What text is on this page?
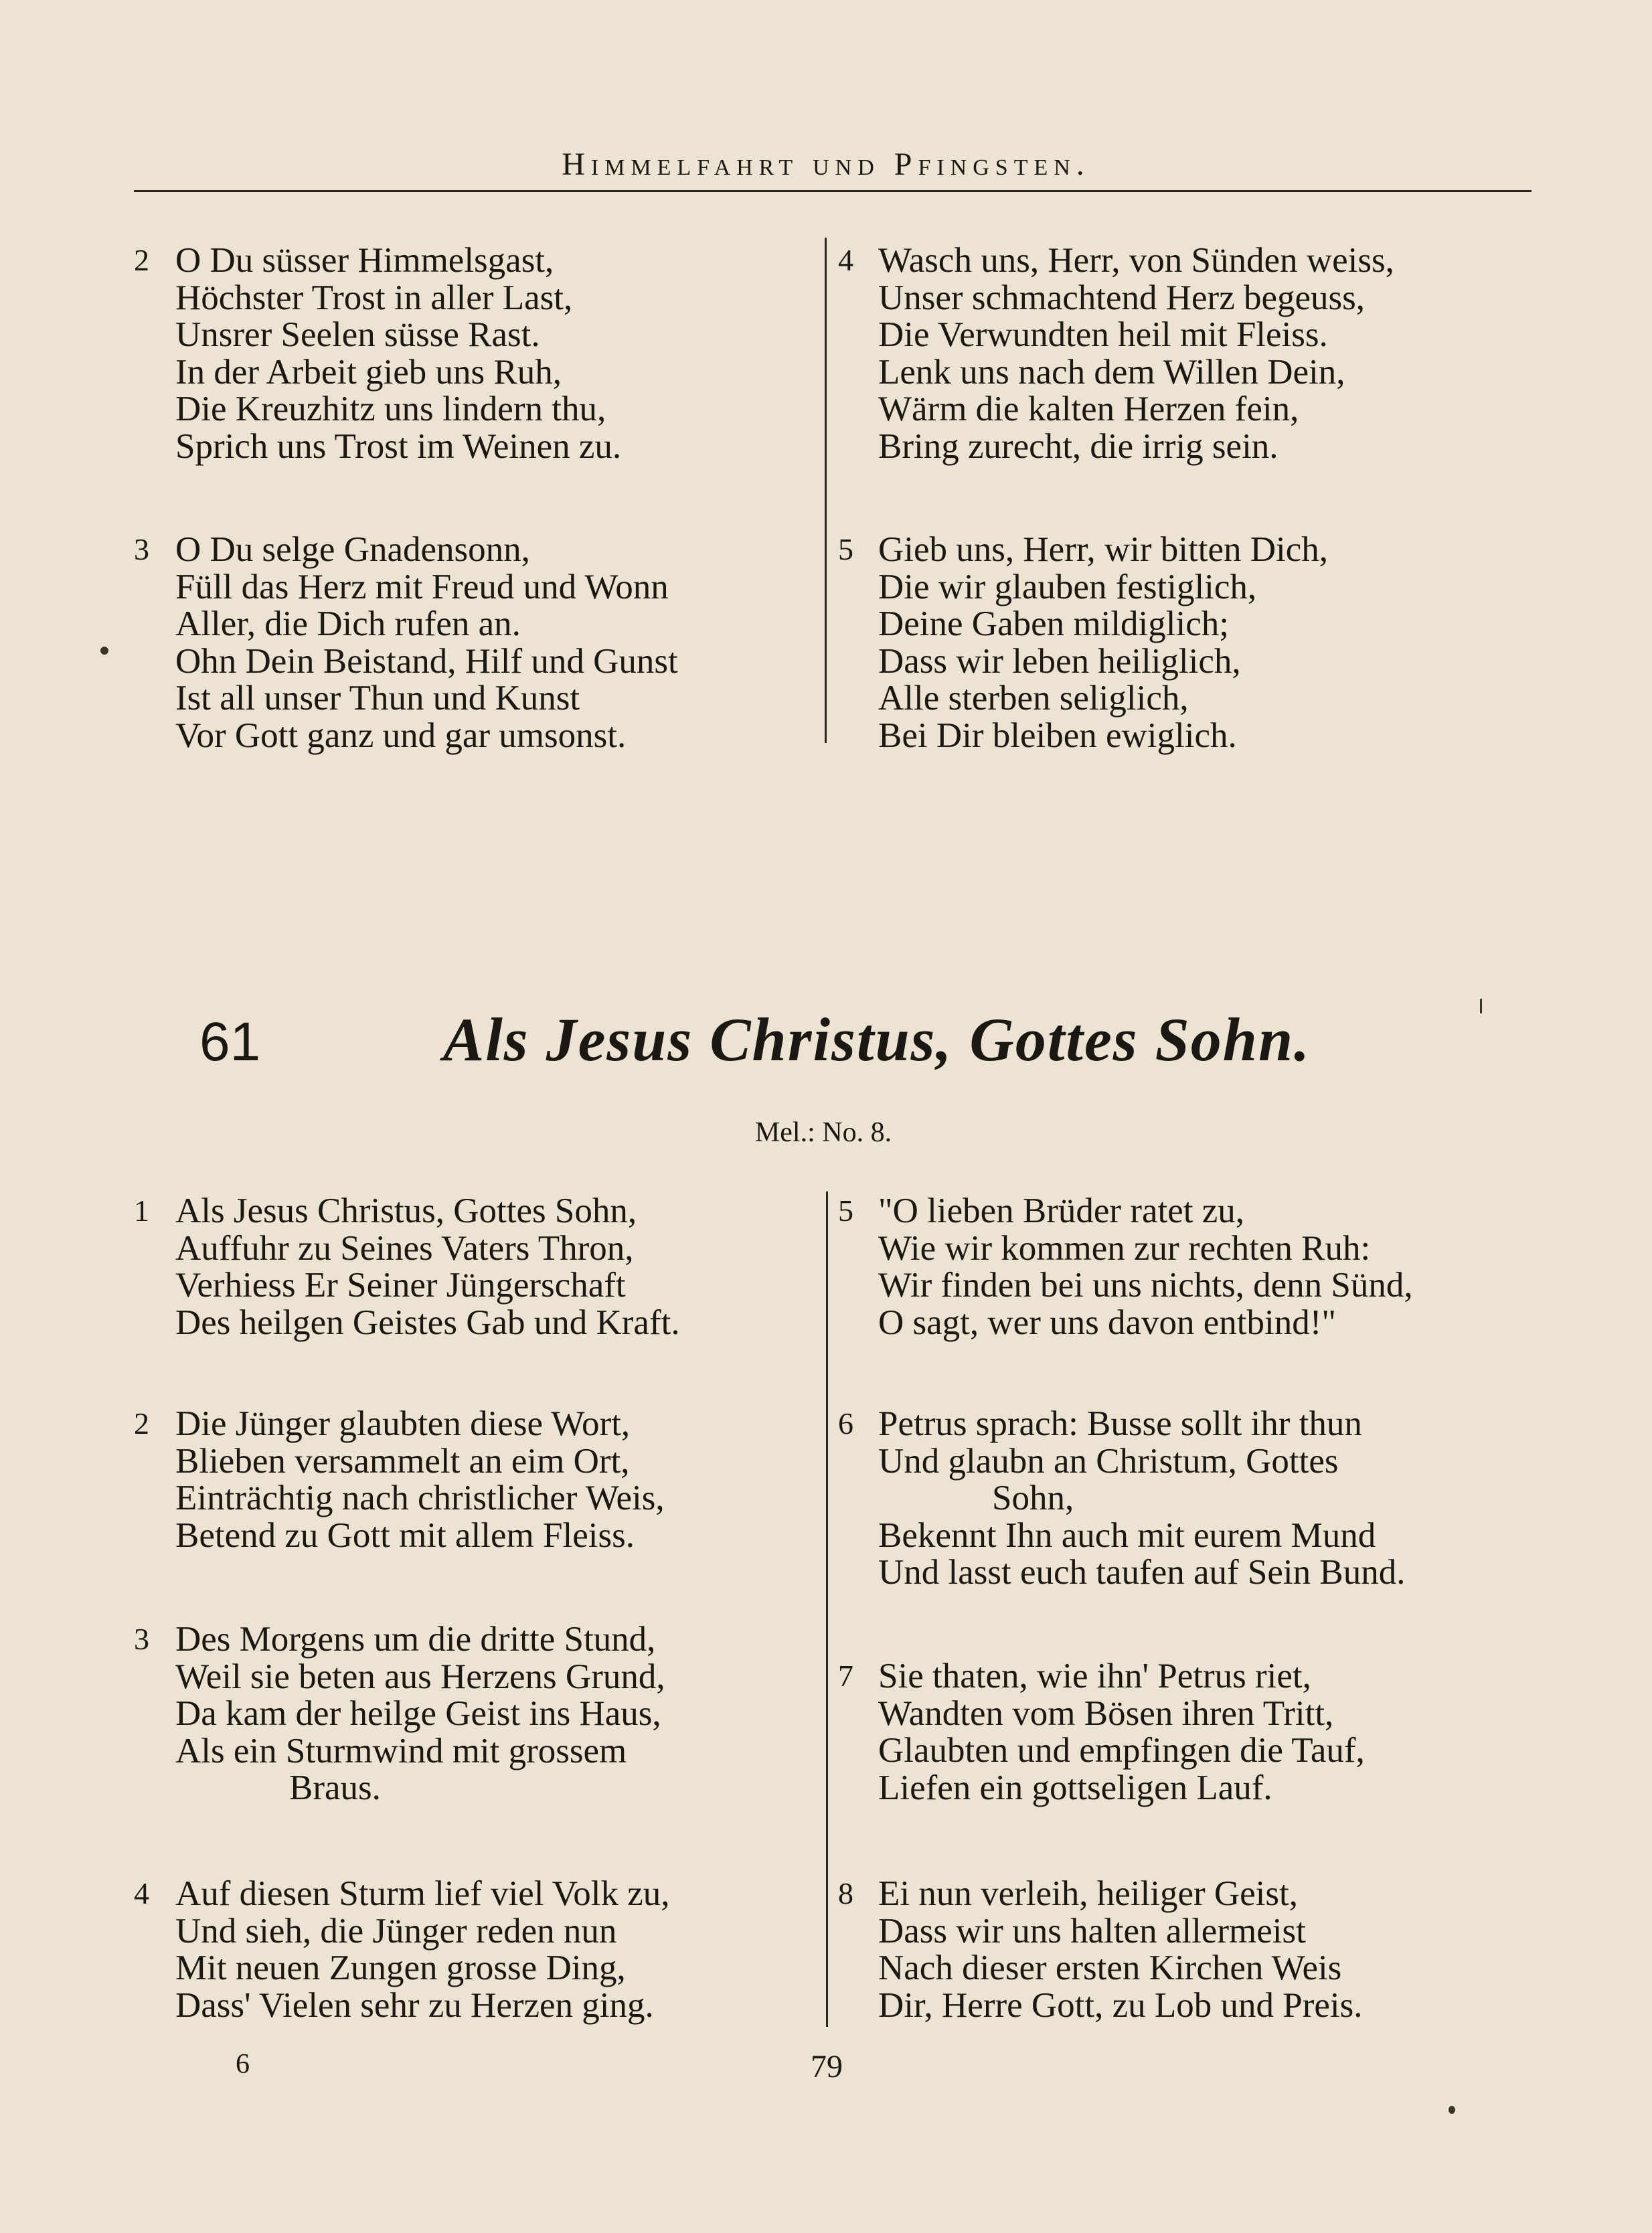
Himmelfahrt und Pfingsten.
2 O Du süsser Himmelsgast,
Höchster Trost in aller Last,
Unsrer Seelen süsse Rast.
In der Arbeit gieb uns Ruh,
Die Kreuzhitz uns lindern thu,
Sprich uns Trost im Weinen zu.
3 O Du selge Gnadensonn,
Füll das Herz mit Freud und Wonn
Aller, die Dich rufen an.
Ohn Dein Beistand, Hilf und Gunst
Ist all unser Thun und Kunst
Vor Gott ganz und gar umsonst.
4 Wasch uns, Herr, von Sünden weiss,
Unser schmachtend Herz begeuss,
Die Verwundten heil mit Fleiss.
Lenk uns nach dem Willen Dein,
Wärm die kalten Herzen fein,
Bring zurecht, die irrig sein.
5 Gieb uns, Herr, wir bitten Dich,
Die wir glauben festiglich,
Deine Gaben mildiglich;
Dass wir leben heiliglich,
Alle sterben seliglich,
Bei Dir bleiben ewiglich.
61	Als Jesus Christus, Gottes Sohn.
Mel.: No. 8.
1 Als Jesus Christus, Gottes Sohn,
Auffuhr zu Seines Vaters Thron,
Verhiess Er Seiner Jüngerschaft
Des heilgen Geistes Gab und Kraft.
2 Die Jünger glaubten diese Wort,
Blieben versammelt an eim Ort,
Einträchtig nach christlicher Weis,
Betend zu Gott mit allem Fleiss.
3 Des Morgens um die dritte Stund,
Weil sie beten aus Herzens Grund,
Da kam der heilge Geist ins Haus,
Als ein Sturmwind mit grossem
Braus.
4 Auf diesen Sturm lief viel Volk zu,
Und sieh, die Jünger reden nun
Mit neuen Zungen grosse Ding,
Dass' Vielen sehr zu Herzen ging.
5 "O lieben Brüder ratet zu,
Wie wir kommen zur rechten Ruh:
Wir finden bei uns nichts, denn Sünd,
O sagt, wer uns davon entbind!"
6 Petrus sprach: Busse sollt ihr thun
Und glaubn an Christum, Gottes
Sohn,
Bekennt Ihn auch mit eurem Mund
Und lasst euch taufen auf Sein Bund.
7 Sie thaten, wie ihn' Petrus riet,
Wandten vom Bösen ihren Tritt,
Glaubten und empfingen die Tauf,
Liefen ein gottseligen Lauf.
8 Ei nun verleih, heiliger Geist,
Dass wir uns halten allermeist
Nach dieser ersten Kirchen Weis
Dir, Herre Gott, zu Lob und Preis.
6	79
